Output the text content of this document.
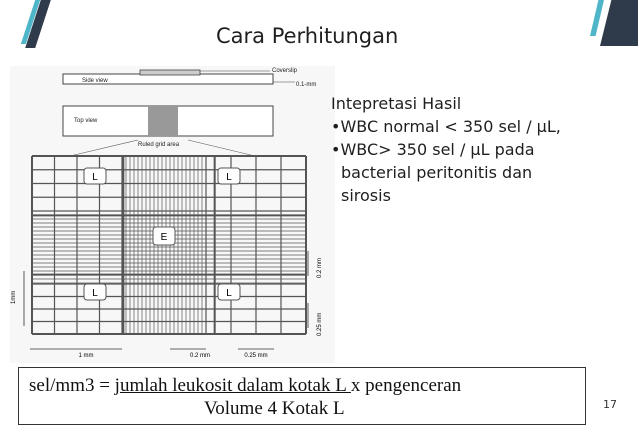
Cara Perhitungan
Side view
Coverslip
0.1-mm
Top view
Ruled grid area
L	L
E
L	L
1 mm	0.2 mm	0.25 mm
1mm
0.2 mm
0.25 mm
Intepretasi Hasil
•WBC normal < 350 sel / µL,
•WBC> 350 sel / µL pada
bacterial peritonitis dan
sirosis
sel/mm3 = jumlah leukosit dalam kotak L x pengenceran
Volume 4 Kotak L	17
